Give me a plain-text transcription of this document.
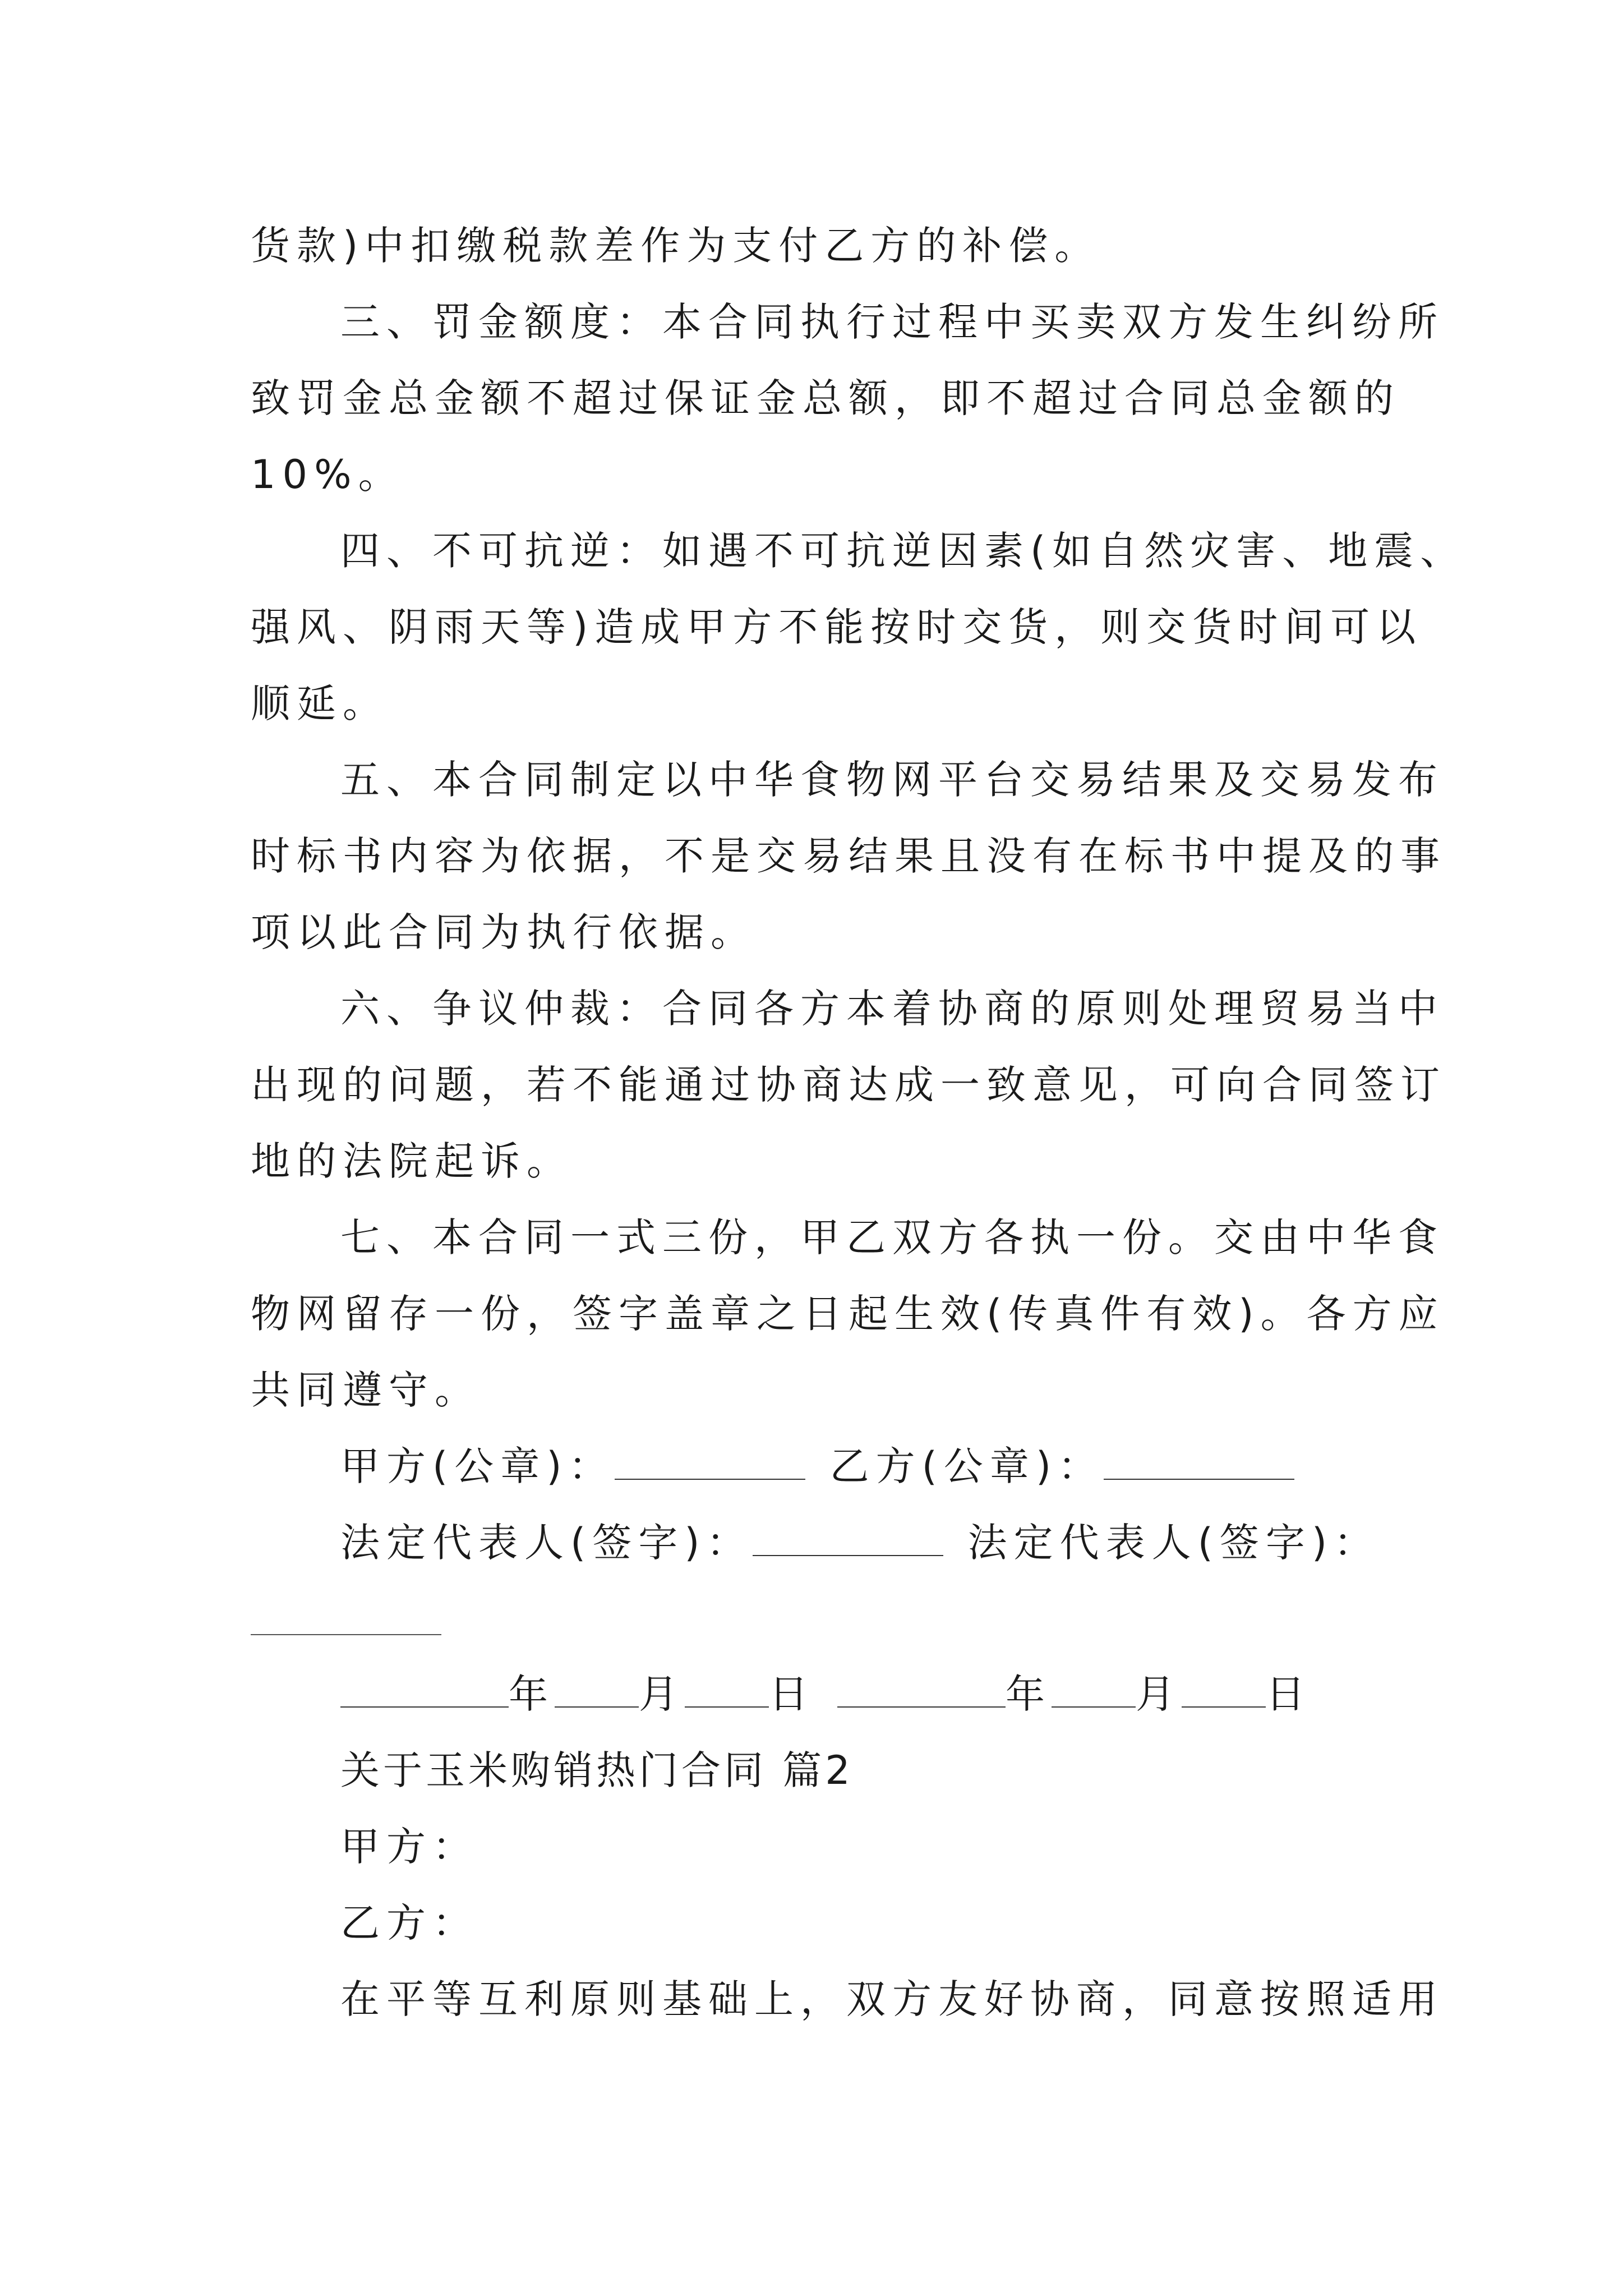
货款)中扣缴税款差作为支付乙方的补偿。
三、罚金额度：本合同执行过程中买卖双方发生纠纷所
致罚金总金额不超过保证金总额，即不超过合同总金额的
10%。
四、不可抗逆：如遇不可抗逆因素(如自然灾害、地震、
强风、阴雨天等)造成甲方不能按时交货，则交货时间可以
顺延。
五、本合同制定以中华食物网平台交易结果及交易发布
时标书内容为依据，不是交易结果且没有在标书中提及的事
项以此合同为执行依据。
六、争议仲裁：合同各方本着协商的原则处理贸易当中
出现的问题，若不能通过协商达成一致意见，可向合同签订
地的法院起诉。
七、本合同一式三份，甲乙双方各执一份。交由中华食
物网留存一份，签字盖章之日起生效(传真件有效)。各方应
共同遵守。
甲方(公章)：	乙方(公章)：
法定代表人(签字)：	法定代表人(签字)：
年 月 日	年 月 日
关于玉米购销热门合同 篇2
甲方：
乙方：
在平等互利原则基础上，双方友好协商，同意按照适用
